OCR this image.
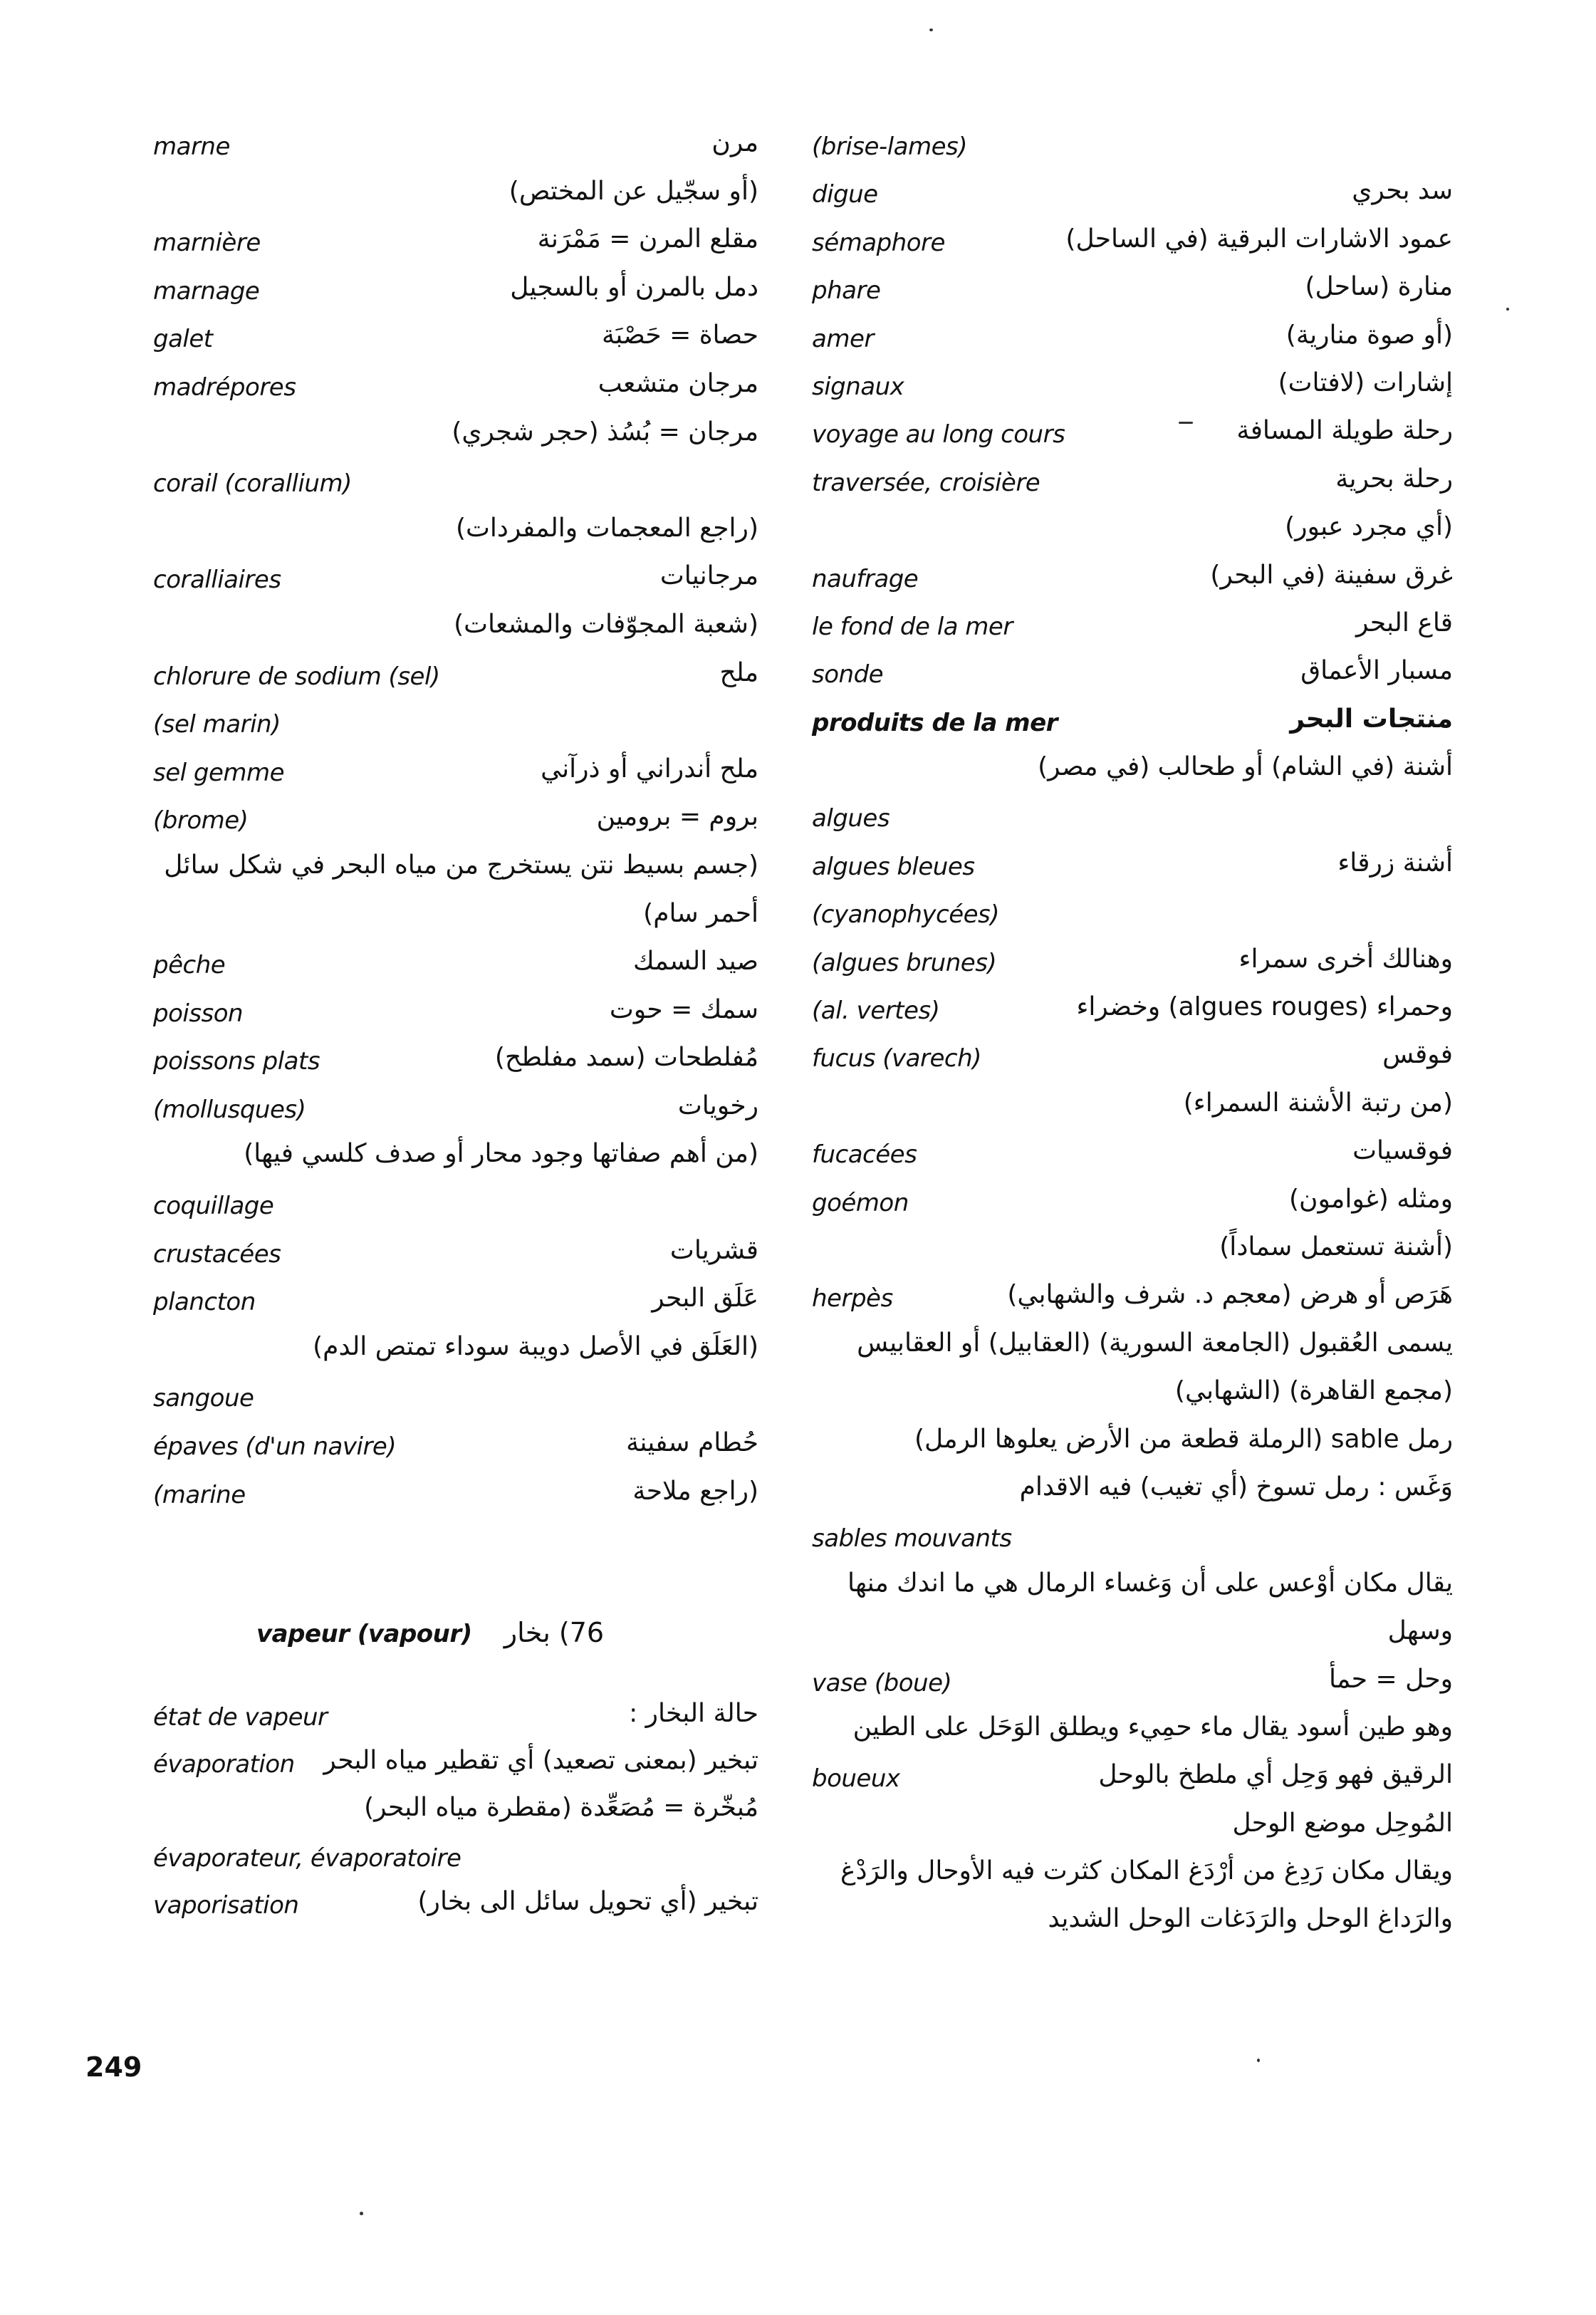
marne	مرن
(أو سجّيل عن المختص)
marnière	مقلع المرن = مَمْرَنة
marnage	دمل بالمرن أو بالسجيل
galet	حصاة = حَصْبَة
madrépores	مرجان متشعب
مرجان = بُسُذ (حجر شجري)
corail (corallium)
(راجع المعجمات والمفردات)
coralliaires	مرجانيات
(شعبة المجوّفات والمشعات)
chlorure de sodium (sel)	ملح
(sel marin)
sel gemme	ملح أندراني أو ذرآني
(brome)	بروم = برومين
(جسم بسيط نتن يستخرج من مياه البحر في شكل سائل
أحمر سام)
pêche	صيد السمك
poisson	سمك = حوت
poissons plats	مُفلطحات (سمد مفلطح)
(mollusques)	رخويات
(من أهم صفاتها وجود محار أو صدف كلسي فيها)
coquillage
crustacées	قشريات
plancton	عَلَق البحر
(العَلَق في الأصل دويبة سوداء تمتص الدم)
sangoue
épaves (d'un navire)	حُطام سفينة
(marine	(راجع ملاحة
vapeur (vapour) 76) بخار
état de vapeur	حالة البخار :
évaporation تبخير (بمعنى تصعيد) أي تقطير مياه البحر
مُبخّرة = مُصَعِّدة (مقطرة مياه البحر)
évaporateur, évaporatoire
vaporisation	تبخير (أي تحويل سائل الى بخار)
(brise-lames)
digue	سد بحري
sémaphore	عمود الاشارات البرقية (في الساحل)
phare	منارة (ساحل)
amer	(أو صوة منارية)
signaux	إشارات (لافتات)
voyage au long cours	رحلة طويلة المسافة
traversée, croisière	رحلة بحرية
(أي مجرد عبور)
naufrage	غرق سفينة (في البحر)
le fond de la mer	قاع البحر
sonde	مسبار الأعماق
produits de la mer	منتجات البحر
أشنة (في الشام) أو طحالب (في مصر)
algues
algues bleues	أشنة زرقاء
(cyanophycées)
(algues brunes)	وهنالك أخرى سمراء
(al. vertes)	وحمراء (algues rouges) وخضراء
fucus (varech)	فوقس
(من رتبة الأشنة السمراء)
fucacées	فوقسيات
goémon	ومثله (غوامون)
(أشنة تستعمل سماداً)
herpès	هَرَص أو هرض (معجم د. شرف والشهابي)
يسمى العُقبول (الجامعة السورية) (العقابيل) أو العقابيس
(مجمع القاهرة) (الشهابي)
رمل sable (الرملة قطعة من الأرض يعلوها الرمل)
وَغَس : رمل تسوخ (أي تغيب) فيه الاقدام
sables mouvants
يقال مكان أوْعس على أن وَغساء الرمال هي ما اندك منها
وسهل
vase (boue)	وحل = حمأ
وهو طين أسود يقال ماء حمِيء ويطلق الوَحَل على الطين
boueux	الرقيق فهو وَحِل أي ملطخ بالوحل
المُوحِل موضع الوحل
ويقال مكان رَدِغ من أرْدَغ المكان كثرت فيه الأوحال والرَدْغ
والرَداغ الوحل والرَدَغات الوحل الشديد
249
